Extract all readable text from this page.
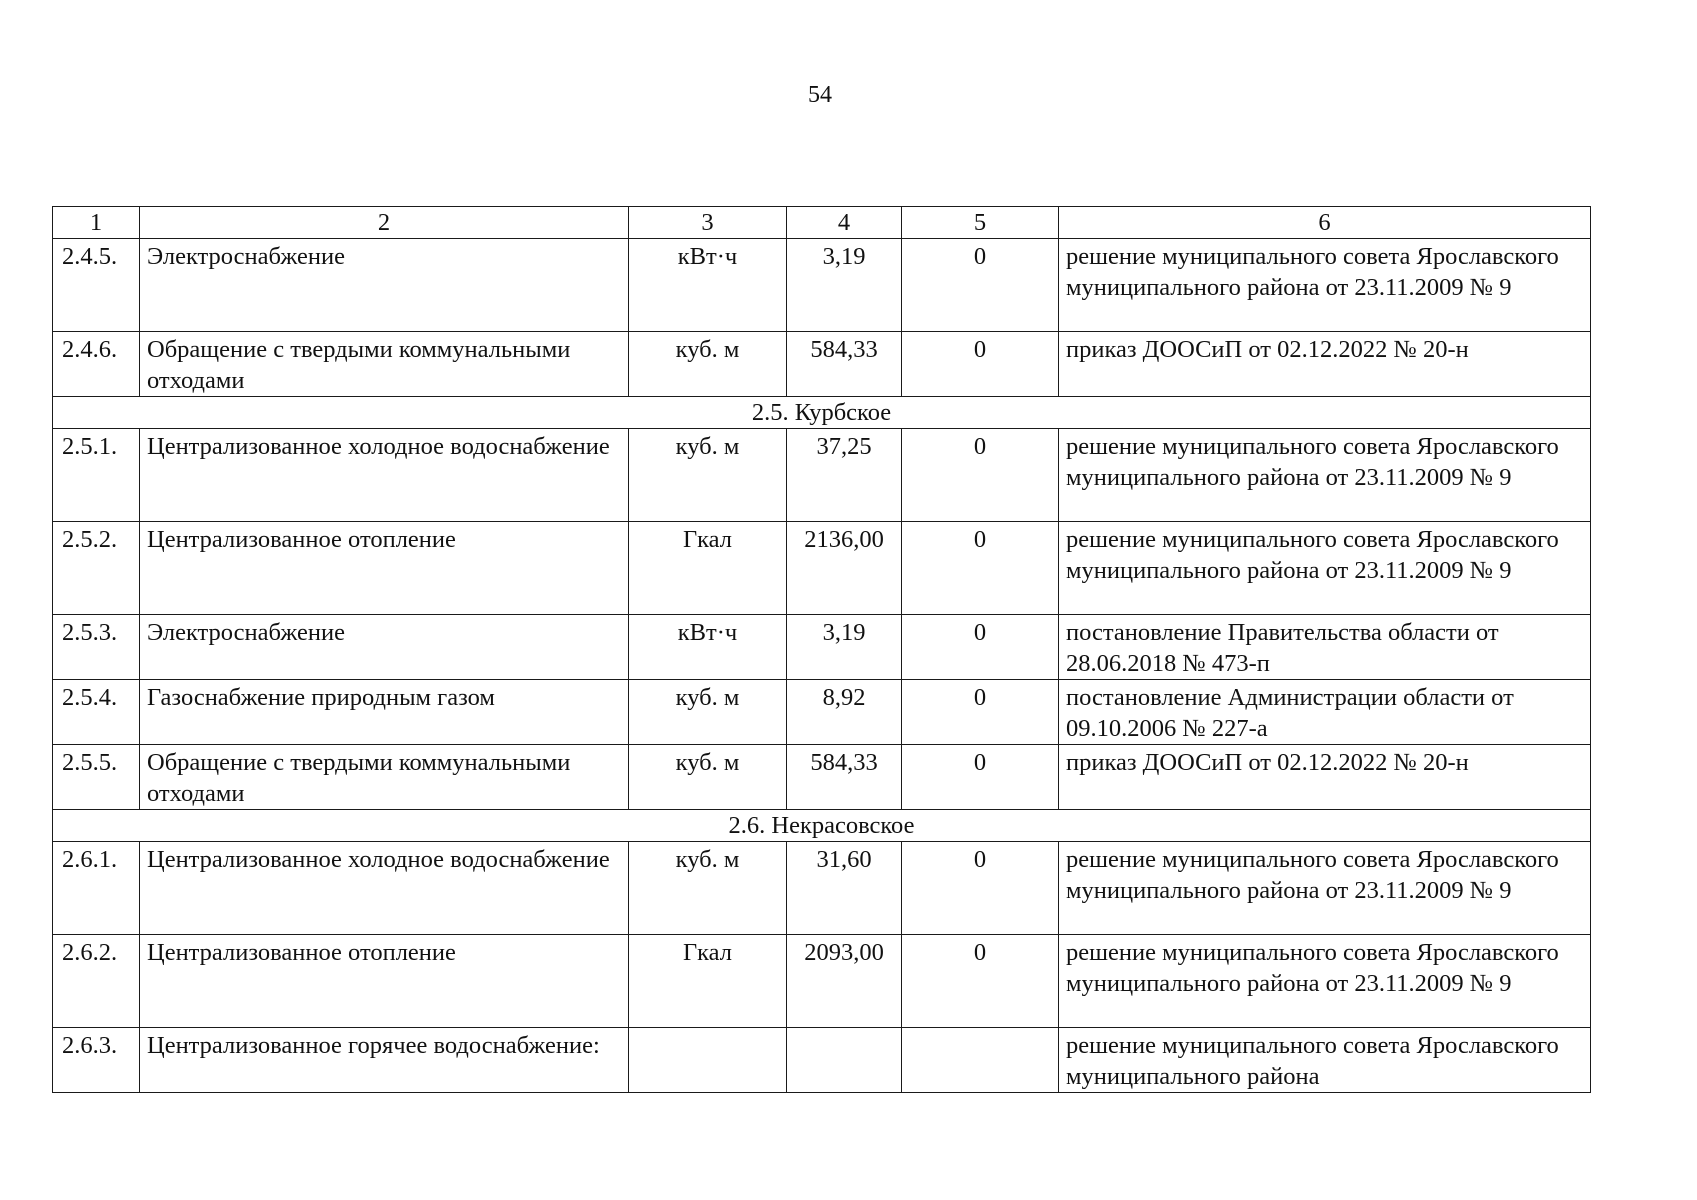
54
1	2	3	4	5	6
2.4.5.	Электроснабжение	кВт·ч	3,19	0	решение муниципального совета Ярославского муниципального района от 23.11.2009 № 9
2.4.6.	Обращение с твердыми коммунальными отходами	куб. м	584,33	0	приказ ДООСиП от 02.12.2022 № 20-н
2.5. Курбское					
2.5.1.	Централизованное холодное водоснабжение	куб. м	37,25	0	решение муниципального совета Ярославского муниципального района от 23.11.2009 № 9
2.5.2.	Централизованное отопление	Гкал	2136,00	0	решение муниципального совета Ярославского муниципального района от 23.11.2009 № 9
2.5.3.	Электроснабжение	кВт·ч	3,19	0	постановление Правительства области от 28.06.2018 № 473-п
2.5.4.	Газоснабжение природным газом	куб. м	8,92	0	постановление Администрации области от 09.10.2006 № 227-а
2.5.5.	Обращение с твердыми коммунальными отходами	куб. м	584,33	0	приказ ДООСиП от 02.12.2022 № 20-н
2.6. Некрасовское					
2.6.1.	Централизованное холодное водоснабжение	куб. м	31,60	0	решение муниципального совета Ярославского муниципального района от 23.11.2009 № 9
2.6.2.	Централизованное отопление	Гкал	2093,00	0	решение муниципального совета Ярославского муниципального района от 23.11.2009 № 9
2.6.3.	Централизованное горячее водоснабжение:				решение муниципального совета Ярославского муниципального района
